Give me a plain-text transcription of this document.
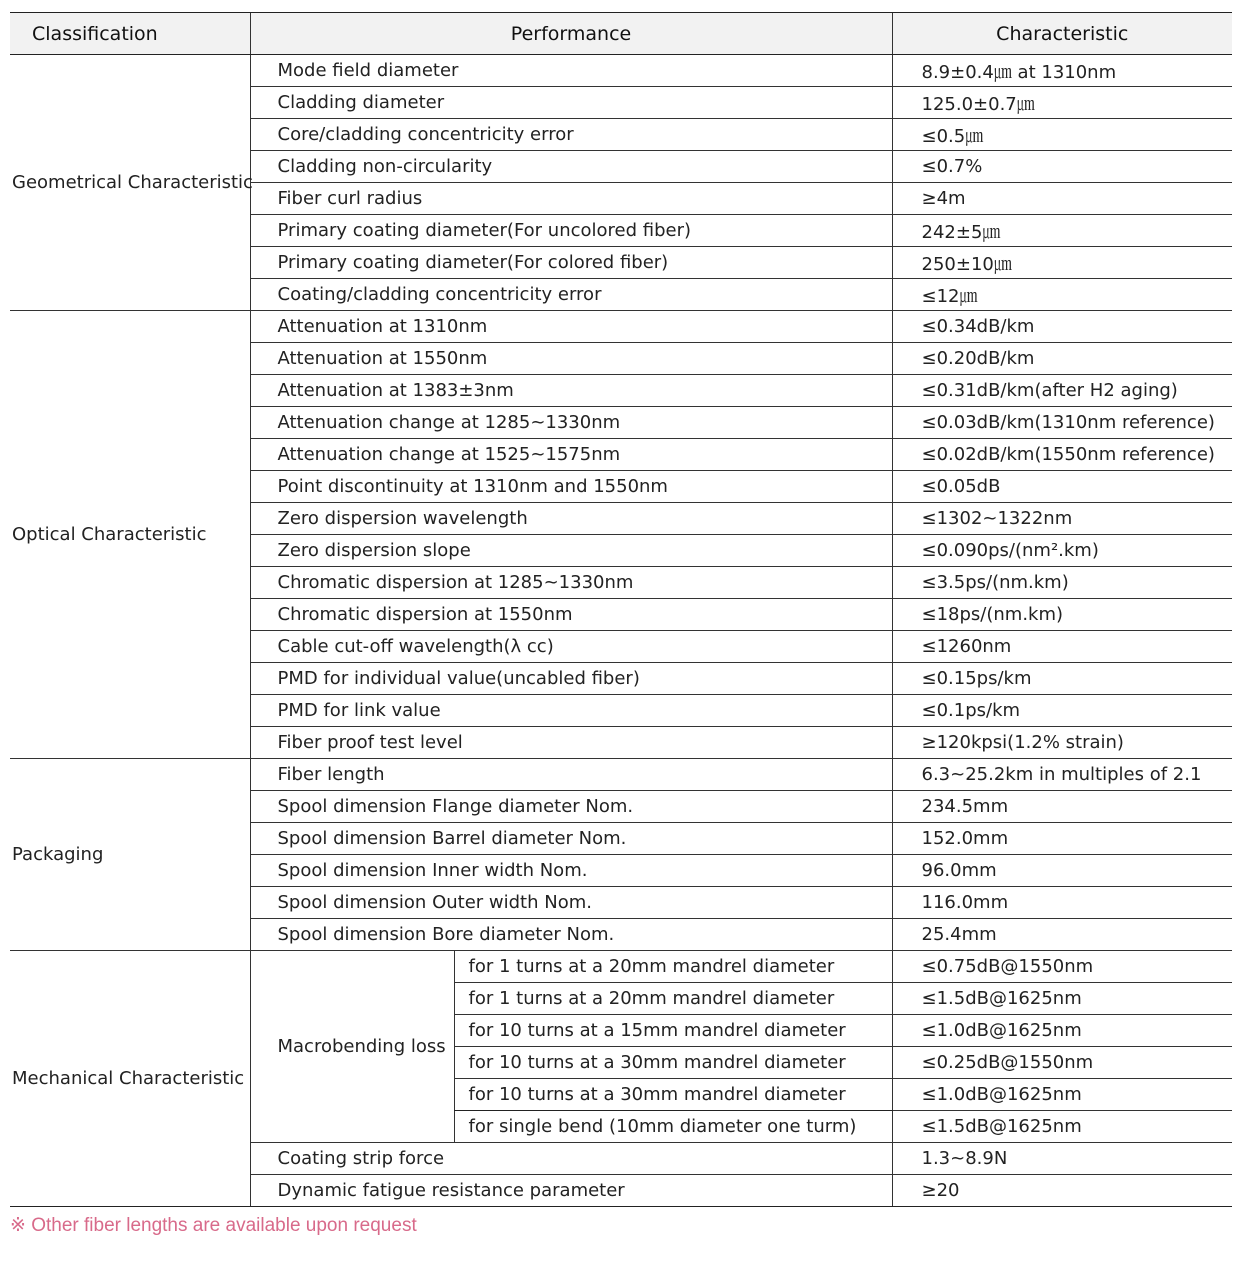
Classification	Performance		Characteristic
Geometrical Characteristic	Mode field diameter		8.9±0.4㎛ at 1310nm
	Cladding diameter		125.0±0.7㎛
	Core/cladding concentricity error		≤0.5㎛
	Cladding non-circularity		≤0.7%
	Fiber curl radius		≥4m
	Primary coating diameter(For uncolored fiber)		242±5㎛
	Primary coating diameter(For colored fiber)		250±10㎛
	Coating/cladding concentricity error		≤12㎛
Optical Characteristic	Attenuation at 1310nm		≤0.34dB/km
	Attenuation at 1550nm		≤0.20dB/km
	Attenuation at 1383±3nm		≤0.31dB/km(after H2 aging)
	Attenuation change at 1285~1330nm		≤0.03dB/km(1310nm reference)
	Attenuation change at 1525~1575nm		≤0.02dB/km(1550nm reference)
	Point discontinuity at 1310nm and 1550nm		≤0.05dB
	Zero dispersion wavelength		≤1302~1322nm
	Zero dispersion slope		≤0.090ps/(nm².km)
	Chromatic dispersion at 1285~1330nm		≤3.5ps/(nm.km)
	Chromatic dispersion at 1550nm		≤18ps/(nm.km)
	Cable cut-off wavelength(λ cc)		≤1260nm
	PMD for individual value(uncabled fiber)		≤0.15ps/km
	PMD for link value		≤0.1ps/km
	Fiber proof test level		≥120kpsi(1.2% strain)
Packaging	Fiber length		6.3~25.2km in multiples of 2.1
	Spool dimension Flange diameter Nom.		234.5mm
	Spool dimension Barrel diameter Nom.		152.0mm
	Spool dimension Inner width Nom.		96.0mm
	Spool dimension Outer width Nom.		116.0mm
	Spool dimension Bore diameter Nom.		25.4mm
Mechanical Characteristic	Macrobending loss	for 1 turns at a 20mm mandrel diameter	≤0.75dB@1550nm
		for 1 turns at a 20mm mandrel diameter	≤1.5dB@1625nm
		for 10 turns at a 15mm mandrel diameter	≤1.0dB@1625nm
		for 10 turns at a 30mm mandrel diameter	≤0.25dB@1550nm
		for 10 turns at a 30mm mandrel diameter	≤1.0dB@1625nm
		for single bend (10mm diameter one turm)	≤1.5dB@1625nm
	Coating strip force		1.3~8.9N
	Dynamic fatigue resistance parameter		≥20
※ Other fiber lengths are available upon request
